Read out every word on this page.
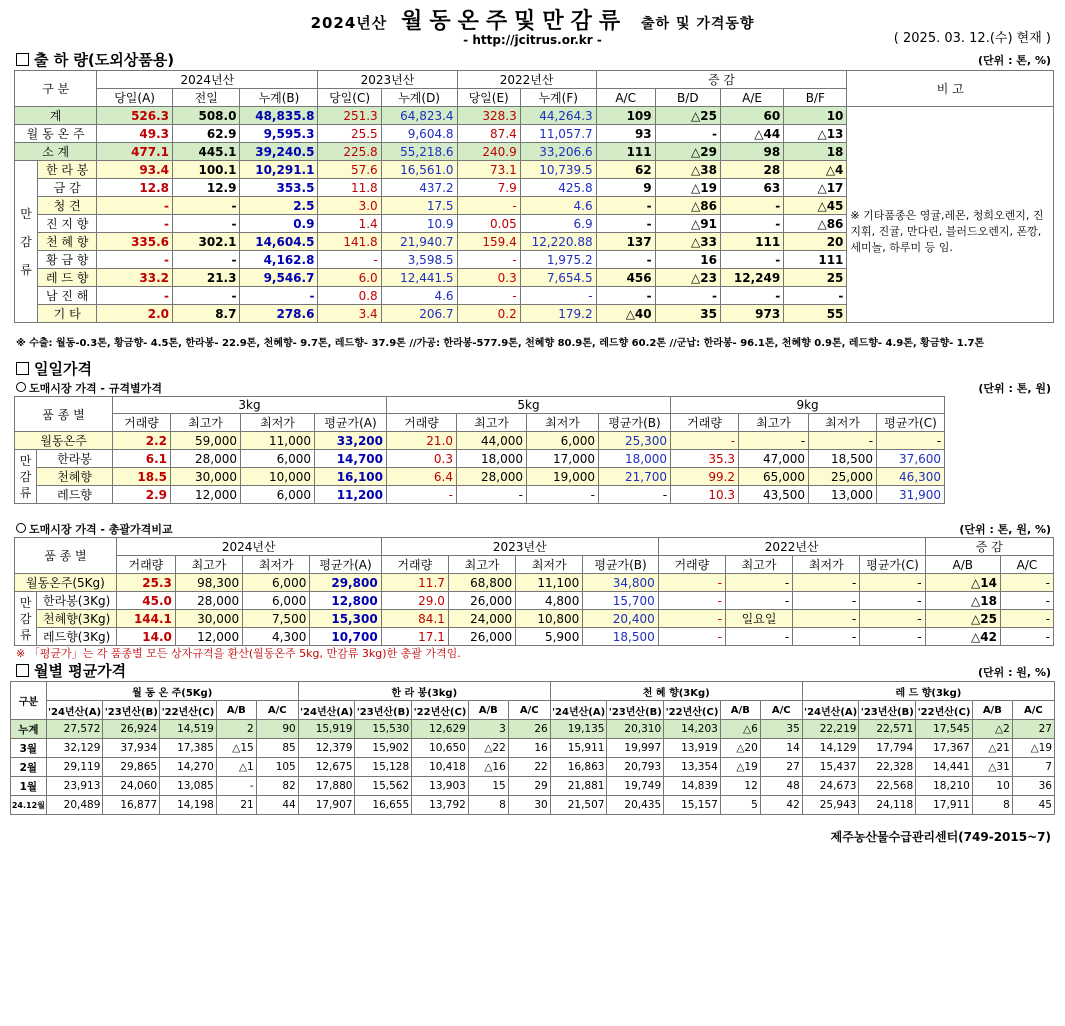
2024년산 월동온주및만감류 출하 및 가격동향
- http://jcitrus.or.kr -	( 2025. 03. 12.(수) 현재 )
출 하 량(도외상품용)	(단위 : 톤, %)
구 분		2024년산			2023년산		2022년산		증 감				비 고
		당일(A)	전일	누계(B)	당일(C)	누계(D)	당일(E)	누계(F)	A/C	B/D	A/E	B/F	
계		526.3	508.0	48,835.8	251.3	64,823.4	328.3	44,264.3	109	△25	60	10	
월 동 온 주		49.3	62.9	9,595.3	25.5	9,604.8	87.4	11,057.7	93	-	△44	△13	
소 계		477.1	445.1	39,240.5	225.8	55,218.6	240.9	33,206.6	111	△29	98	18	※ 기타품종은 영귤,레몬, 청희오렌지, 진지휘, 진귤, 만다린, 블러드오렌지, 폰깡,세미놀, 하루미 등 임.
만

감

류	한 라 봉	93.4	100.1	10,291.1	57.6	16,561.0	73.1	10,739.5	62	△38	28	△4	
	금 감	12.8	12.9	353.5	11.8	437.2	7.9	425.8	9	△19	63	△17	
	청 견	-	-	2.5	3.0	17.5	-	4.6	-	△86	-	△45	
	진 지 향	-	-	0.9	1.4	10.9	0.05	6.9	-	△91	-	△86	
	천 혜 향	335.6	302.1	14,604.5	141.8	21,940.7	159.4	12,220.88	137	△33	111	20	
	황 금 향	-	-	4,162.8	-	3,598.5	-	1,975.2	-	16	-	111	
	레 드 향	33.2	21.3	9,546.7	6.0	12,441.5	0.3	7,654.5	456	△23	12,249	25	
	남 진 해	-	-	-	0.8	4.6	-	-	-	-	-	-	
	기 타	2.0	8.7	278.6	3.4	206.7	0.2	179.2	△40	35	973	55	
※ 수출: 월동-0.3톤, 황금향- 4.5톤, 한라봉- 22.9톤, 천혜향- 9.7톤, 레드향- 37.9톤 //가공: 한라봉-577.9톤, 천혜향 80.9톤, 레드향 60.2톤 //군납: 한라봉- 96.1톤, 천혜향 0.9톤, 레드향- 4.9톤, 황금향- 1.7톤
일일가격
도매시장 가격 - 규격별가격	(단위 : 톤, 원)
품 종 별		3kg				5kg				9kg			
		거래량	최고가	최저가	평균가(A)	거래량	최고가	최저가	평균가(B)	거래량	최고가	최저가	평균가(C)
월동온주		2.2	59,000	11,000	33,200	21.0	44,000	6,000	25,300	-	-	-	-
만
감
류	한라봉	6.1	28,000	6,000	14,700	0.3	18,000	17,000	18,000	35.3	47,000	18,500	37,600
	천혜향	18.5	30,000	10,000	16,100	6.4	28,000	19,000	21,700	99.2	65,000	25,000	46,300
	레드향	2.9	12,000	6,000	11,200	-	-	-	-	10.3	43,500	13,000	31,900
도매시장 가격 - 총괄가격비교	(단위 : 톤, 원, %)
품 종 별		2024년산				2023년산				2022년산				증 감	
		거래량	최고가	최저가	평균가(A)	거래량	최고가	최저가	평균가(B)	거래량	최고가	최저가	평균가(C)	A/B	A/C
월동온주(5Kg)		25.3	98,300	6,000	29,800	11.7	68,800	11,100	34,800	-	-	-	-	△14	-
만
감
류	한라봉(3Kg)	45.0	28,000	6,000	12,800	29.0	26,000	4,800	15,700	-	-	-	-	△18	-
	천혜향(3Kg)	144.1	30,000	7,500	15,300	84.1	24,000	10,800	20,400	-	일요일	-	-	△25	-
	레드향(3Kg)	14.0	12,000	4,300	10,700	17.1	26,000	5,900	18,500	-	-	-	-	△42	-
※ 「평균가」는 각 품종별 모든 상자규격을 환산(월동온주 5kg, 만감류 3kg)한 총괄 가격임.
월별 평균가격	(단위 : 원, %)
구분	월 동 온 주(5Kg)					한 라 봉(3kg)					천 혜 향(3Kg)					레 드 향(3kg)				
	'24년산(A)	'23년산(B)	'22년산(C)	A/B	A/C	'24년산(A)	'23년산(B)	'22년산(C)	A/B	A/C	'24년산(A)	'23년산(B)	'22년산(C)	A/B	A/C	'24년산(A)	'23년산(B)	'22년산(C)	A/B	A/C
누계	27,572	26,924	14,519	2	90	15,919	15,530	12,629	3	26	19,135	20,310	14,203	△6	35	22,219	22,571	17,545	△2	27
3월	32,129	37,934	17,385	△15	85	12,379	15,902	10,650	△22	16	15,911	19,997	13,919	△20	14	14,129	17,794	17,367	△21	△19
2월	29,119	29,865	14,270	△1	105	12,675	15,128	10,418	△16	22	16,863	20,793	13,354	△19	27	15,437	22,328	14,441	△31	7
1월	23,913	24,060	13,085	-	82	17,880	15,562	13,903	15	29	21,881	19,749	14,839	12	48	24,673	22,568	18,210	10	36
24.12월	20,489	16,877	14,198	21	44	17,907	16,655	13,792	8	30	21,507	20,435	15,157	5	42	25,943	24,118	17,911	8	45
제주농산물수급관리센터(749-2015~7)
